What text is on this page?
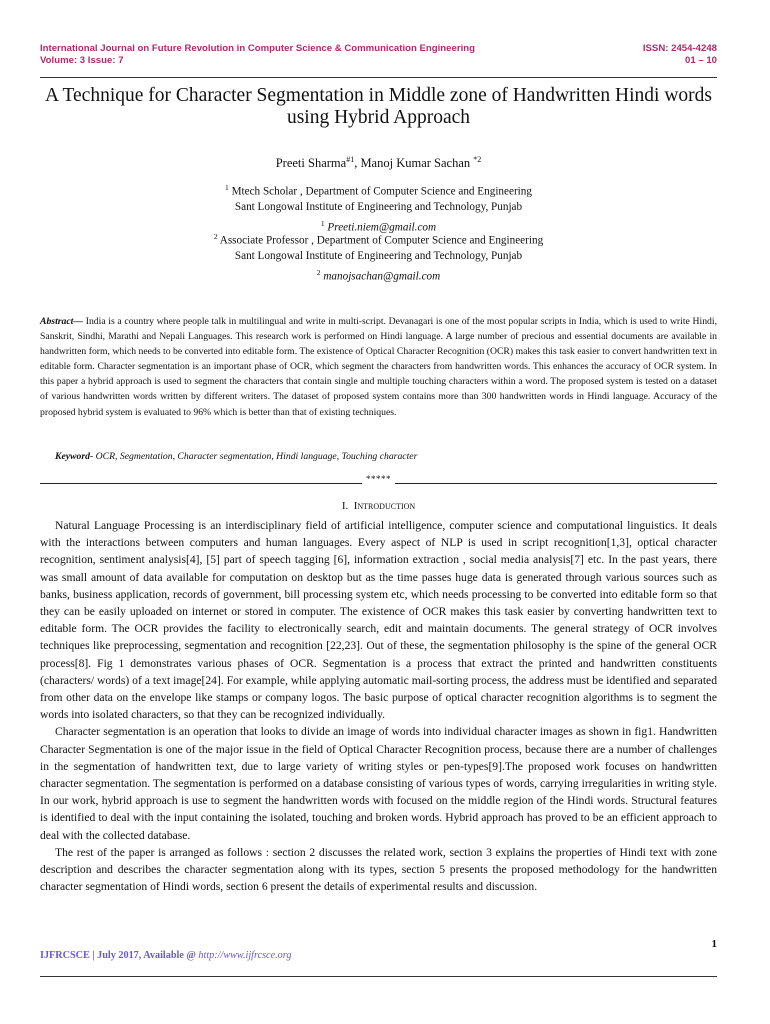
International Journal on Future Revolution in Computer Science & Communication Engineering
Volume: 3 Issue: 7
ISSN: 2454-4248
01 – 10
A Technique for Character Segmentation in Middle zone of Handwritten Hindi words using Hybrid Approach
Preeti Sharma$^{\#1}$, Manoj Kumar Sachan $^{*2}$
$^1$ Mtech Scholar , Department of Computer Science and Engineering
Sant Longowal Institute of Engineering and Technology, Punjab
$^1$ Preeti.niem@gmail.com
$^2$ Associate Professor , Department of Computer Science and Engineering
Sant Longowal Institute of Engineering and Technology, Punjab
$^2$ manojsachan@gmail.com
Abstract— India is a country where people talk in multilingual and write in multi-script. Devanagari is one of the most popular scripts in India, which is used to write Hindi, Sanskrit, Sindhi, Marathi and Nepali Languages. This research work is performed on Hindi language. A large number of precious and essential documents are available in handwritten form, which needs to be converted into editable form. The existence of Optical Character Recognition (OCR) makes this task easier to convert handwritten text in editable form. Character segmentation is an important phase of OCR, which segment the characters from handwritten words. This enhances the accuracy of OCR system. In this paper a hybrid approach is used to segment the characters that contain single and multiple touching characters within a word. The proposed system is tested on a dataset of various handwritten words written by different writers. The dataset of proposed system contains more than 300 handwritten words in Hindi language. Accuracy of the proposed hybrid system is evaluated to 96% which is better than that of existing techniques.
Keyword- OCR, Segmentation, Character segmentation, Hindi language, Touching character
*****
I. Introduction

Natural Language Processing is an interdisciplinary field of artificial intelligence, computer science and computational linguistics. It deals with the interactions between computers and human languages. Every aspect of NLP is used in script recognition[1,3], optical character recognition, sentiment analysis[4], [5] part of speech tagging [6], information extraction , social media analysis[7] etc. In the past years, there was small amount of data available for computation on desktop but as the time passes huge data is generated through various sources such as banks, business application, records of government, bill processing system etc, which needs processing to be converted into editable form so that they can be easily uploaded on internet or stored in computer. The existence of OCR makes this task easier by converting handwritten text to editable form. The OCR provides the facility to electronically search, edit and maintain documents. The general strategy of OCR involves techniques like preprocessing, segmentation and recognition [22,23]. Out of these, the segmentation philosophy is the spine of the general OCR process[8]. Fig 1 demonstrates various phases of OCR. Segmentation is a process that extract the printed and handwritten constituents (characters/ words) of a text image[24]. For example, while applying automatic mail-sorting process, the address must be identified and separated from other data on the envelope like stamps or company logos. The basic purpose of optical character recognition algorithms is to segment the words into isolated characters, so that they can be recognized individually.

Character segmentation is an operation that looks to divide an image of words into individual character images as shown in fig1. Handwritten Character Segmentation is one of the major issue in the field of Optical Character Recognition process, because there are a number of challenges in the segmentation of handwritten text, due to large variety of writing styles or pen-types[9].The proposed work focuses on handwritten character segmentation. The segmentation is performed on a database consisting of various types of words, carrying irregularities in writing style. In our work, hybrid approach is use to segment the handwritten words with focused on the middle region of the Hindi words. Structural features is identified to deal with the input containing the isolated, touching and broken words. Hybrid approach has proved to be an efficient approach to deal with the collected database.

The rest of the paper is arranged as follows : section 2 discusses the related work, section 3 explains the properties of Hindi text with zone description and describes the character segmentation along with its types, section 5 presents the proposed methodology for the handwritten character segmentation of Hindi words, section 6 present the details of experimental results and discussion.

1
IJFRCSCE | July 2017, Available @ http://www.ijfrcsce.org
